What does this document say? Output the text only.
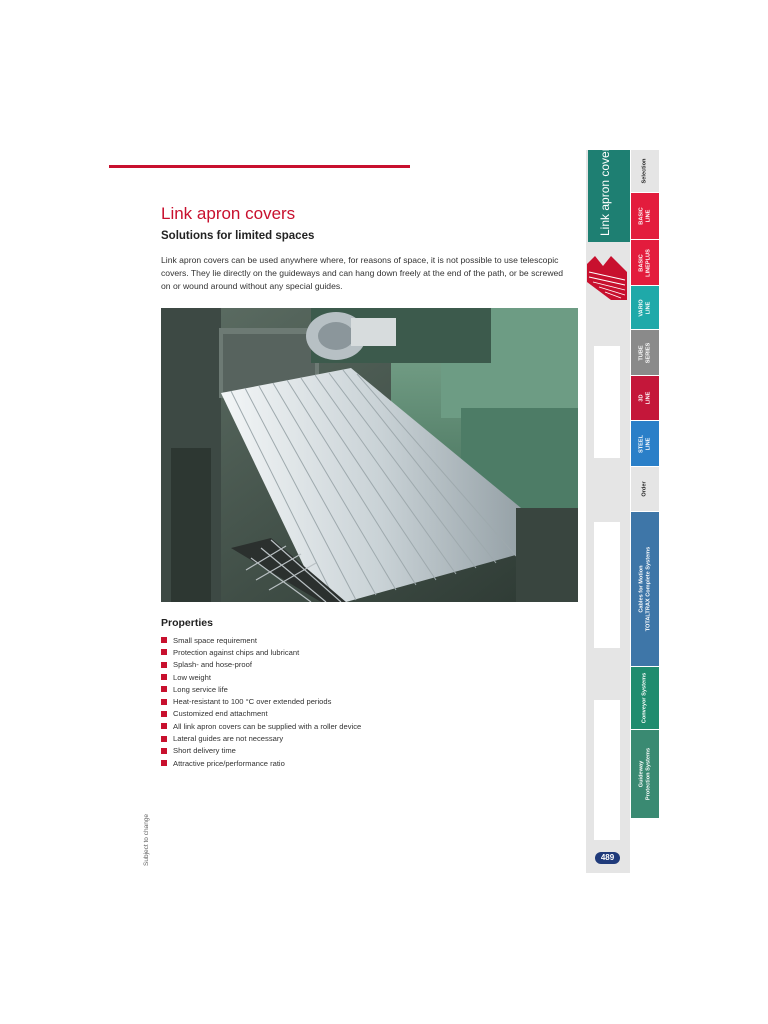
Link apron covers
Solutions for limited spaces

Link apron covers can be used anywhere where, for reasons of space, it is not possible to use telescopic covers. They lie directly on the guideways and can hang down freely at the end of the path, or be screwed on or wound around without any special guides.

Properties
Small space requirement
Protection against chips and lubricant
Splash- and hose-proof
Low weight
Long service life
Heat-resistant to 100 °C over extended periods
Customized end attachment
All link apron covers can be supplied with a roller device
Lateral guides are not necessary
Short delivery time
Attractive price/performance ratio
Subject to change
Link apron covers	Selection
BASIC
LINE
BASIC
LINEPLUS
VARIO
LINE
TUBE
SERIES
3D
LINE
STEEL
LINE
Order
Cables for Motion
TOTALTRAX Complete Systems
Conveyor Systems
Guideway
Protection Systems
489
